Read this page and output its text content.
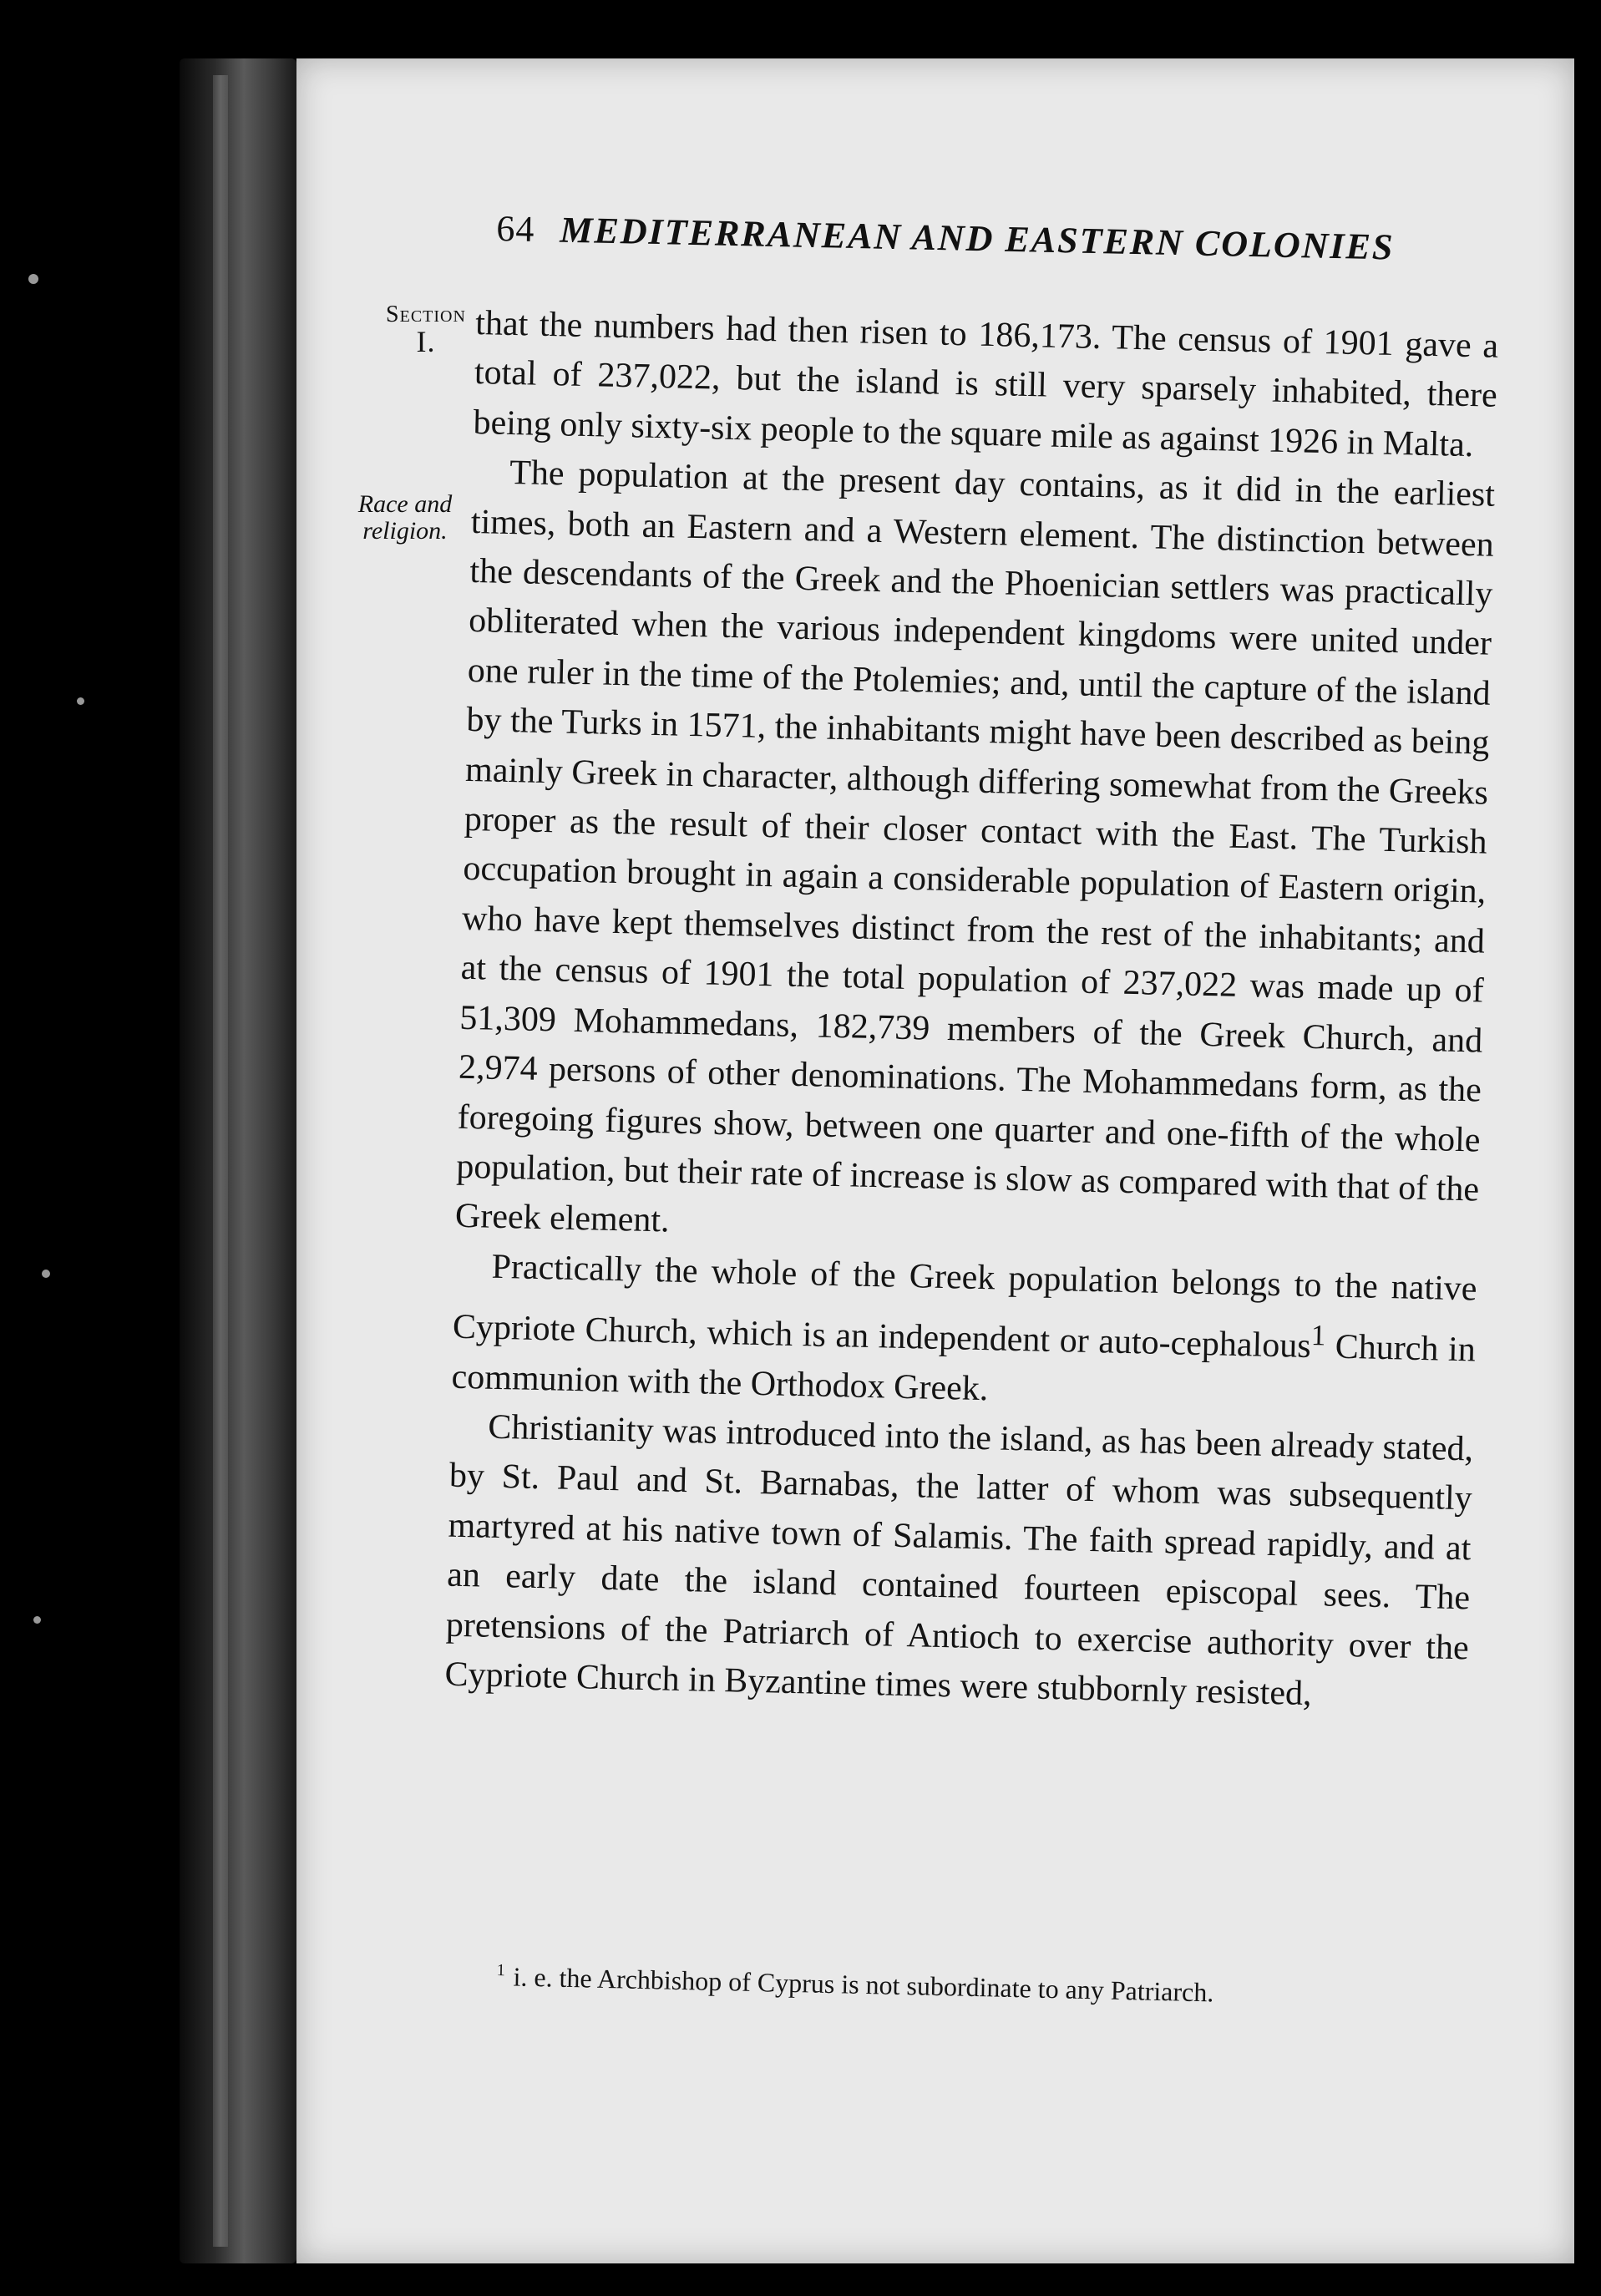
64 MEDITERRANEAN AND EASTERN COLONIES
Section
I.
Race and
religion.

that the numbers had then risen to 186,173. The census of 1901 gave a total of 237,022, but the island is still very sparsely inhabited, there being only sixty-six people to the square mile as against 1926 in Malta.

The population at the present day contains, as it did in the earliest times, both an Eastern and a Western element. The distinction between the descendants of the Greek and the Phoenician settlers was practically obliterated when the various independent kingdoms were united under one ruler in the time of the Ptolemies; and, until the capture of the island by the Turks in 1571, the inhabitants might have been described as being mainly Greek in character, although differing somewhat from the Greeks proper as the result of their closer contact with the East. The Turkish occupation brought in again a considerable population of Eastern origin, who have kept themselves distinct from the rest of the inhabitants; and at the census of 1901 the total population of 237,022 was made up of 51,309 Mohammedans, 182,739 members of the Greek Church, and 2,974 persons of other denominations. The Mohammedans form, as the foregoing figures show, between one quarter and one-fifth of the whole population, but their rate of increase is slow as compared with that of the Greek element.

Practically the whole of the Greek population belongs to the native Cypriote Church, which is an independent or auto-cephalous$^1$ Church in communion with the Orthodox Greek.

Christianity was introduced into the island, as has been already stated, by St. Paul and St. Barnabas, the latter of whom was subsequently martyred at his native town of Salamis. The faith spread rapidly, and at an early date the island contained fourteen episcopal sees. The pretensions of the Patriarch of Antioch to exercise authority over the Cypriote Church in Byzantine times were stubbornly resisted,

$^1$ i. e. the Archbishop of Cyprus is not subordinate to any Patriarch.
